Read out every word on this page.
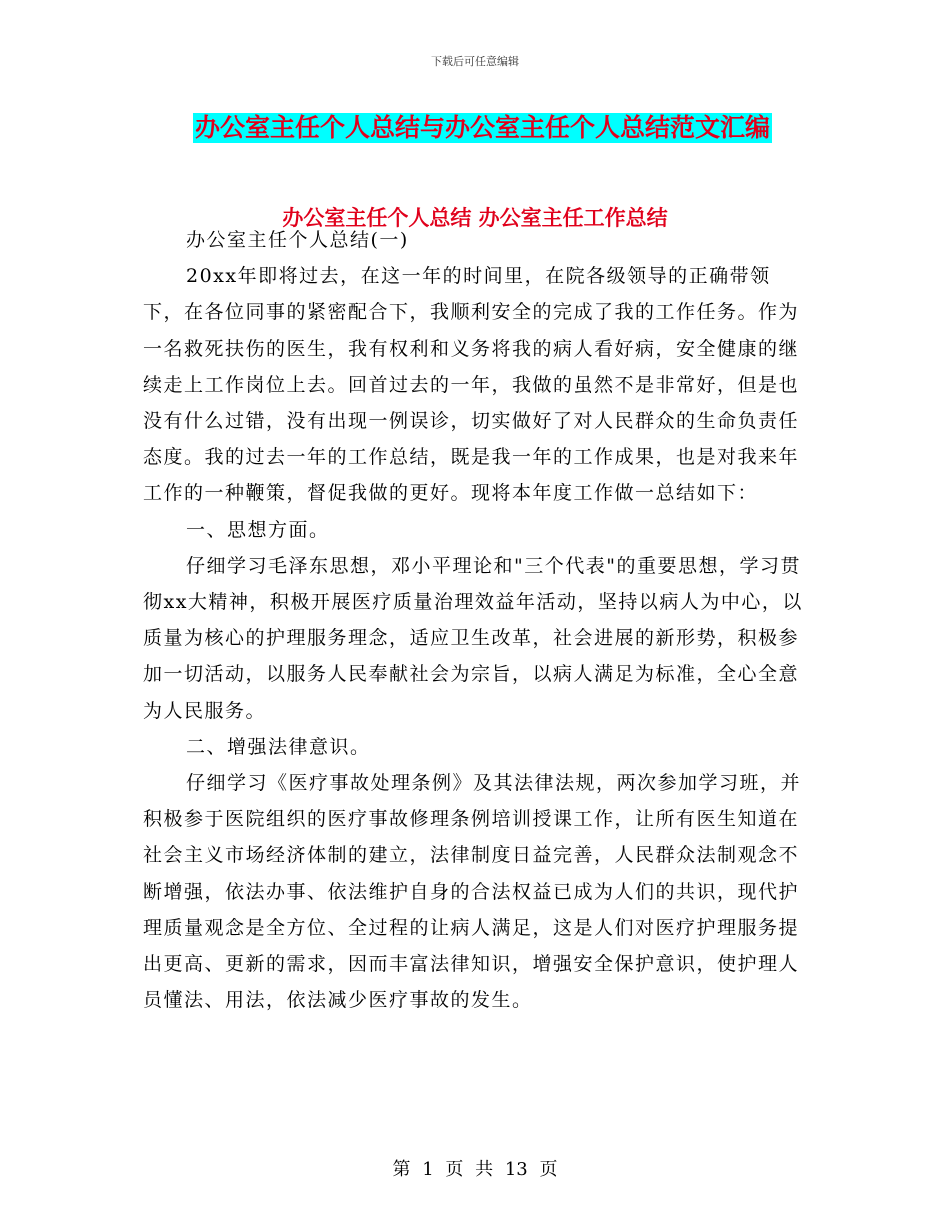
下载后可任意编辑
办公室主任个人总结与办公室主任个人总结范文汇编
办公室主任个人总结 办公室主任工作总结

办公室主任个人总结(一)

20xx年即将过去，在这一年的时间里，在院各级领导的正确带领下，在各位同事的紧密配合下，我顺利安全的完成了我的工作任务。作为一名救死扶伤的医生，我有权利和义务将我的病人看好病，安全健康的继续走上工作岗位上去。回首过去的一年，我做的虽然不是非常好，但是也没有什么过错，没有出现一例误诊，切实做好了对人民群众的生命负责任态度。我的过去一年的工作总结，既是我一年的工作成果，也是对我来年工作的一种鞭策，督促我做的更好。现将本年度工作做一总结如下：

一、思想方面。

仔细学习毛泽东思想，邓小平理论和"三个代表"的重要思想，学习贯彻xx大精神，积极开展医疗质量治理效益年活动，坚持以病人为中心，以质量为核心的护理服务理念，适应卫生改革，社会进展的新形势，积极参加一切活动，以服务人民奉献社会为宗旨，以病人满足为标准，全心全意为人民服务。

二、增强法律意识。

仔细学习《医疗事故处理条例》及其法律法规，两次参加学习班，并积极参于医院组织的医疗事故修理条例培训授课工作，让所有医生知道在社会主义市场经济体制的建立，法律制度日益完善，人民群众法制观念不断增强，依法办事、依法维护自身的合法权益已成为人们的共识，现代护理质量观念是全方位、全过程的让病人满足，这是人们对医疗护理服务提出更高、更新的需求，因而丰富法律知识，增强安全保护意识，使护理人员懂法、用法，依法减少医疗事故的发生。

第 1 页 共 13 页
